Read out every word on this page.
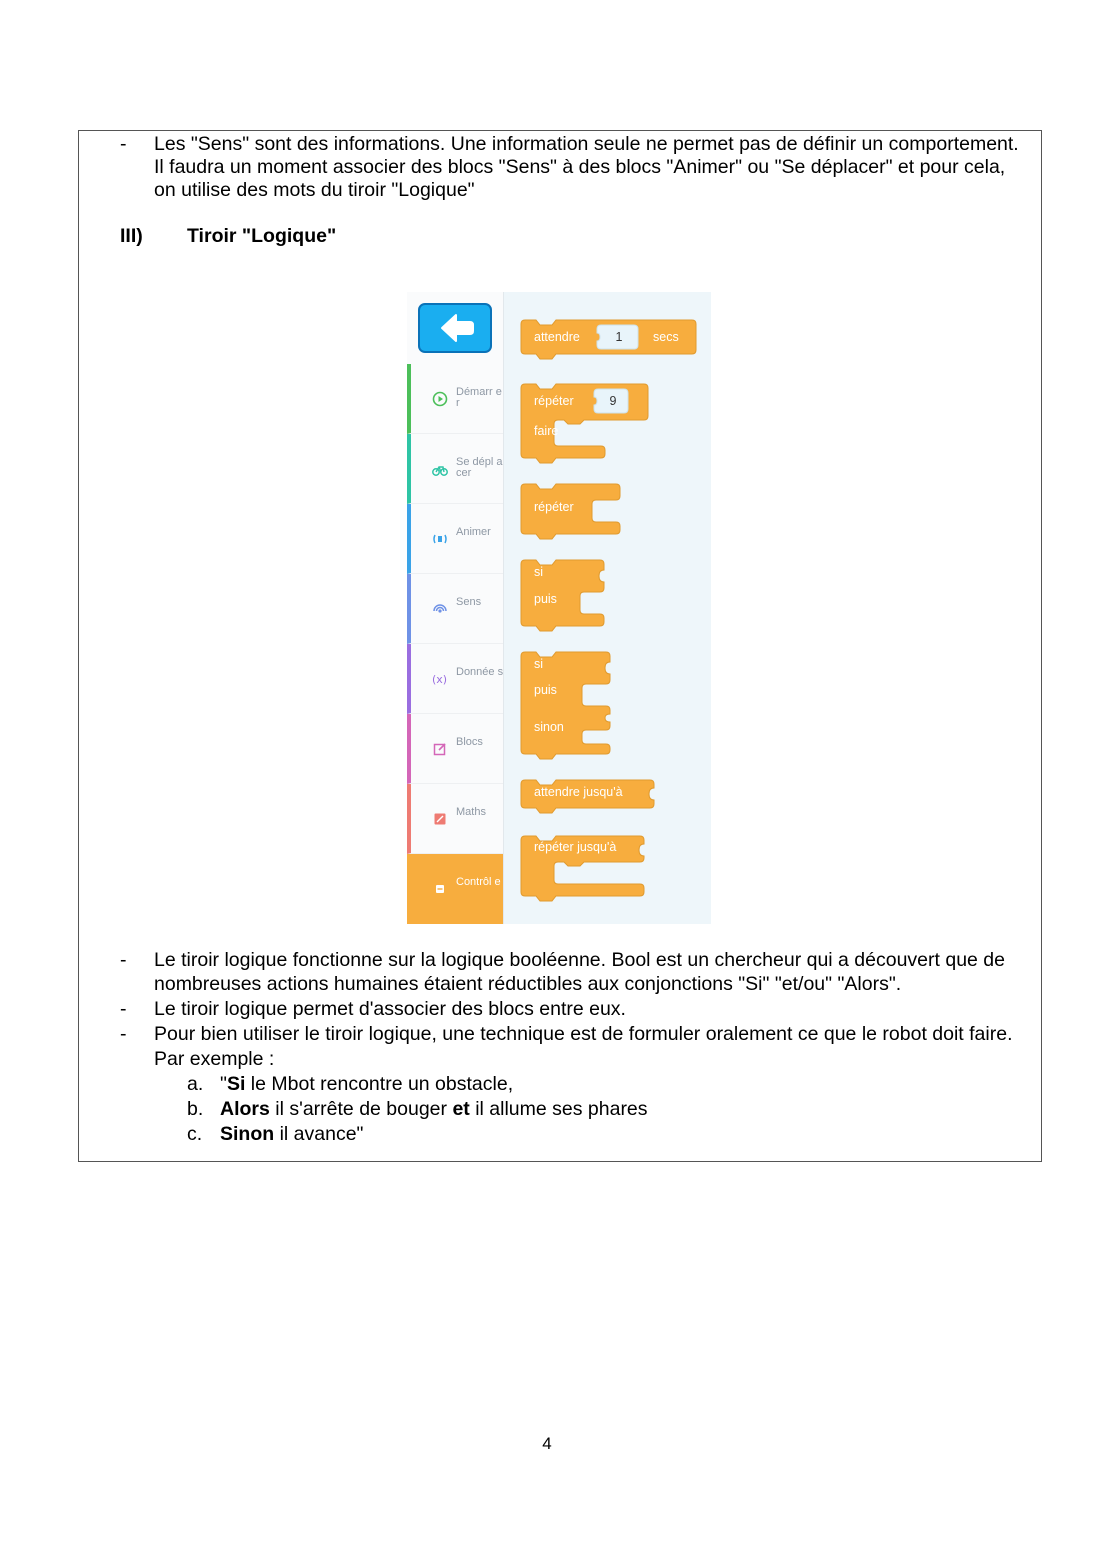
- Les "Sens" sont des informations. Une information seule ne permet pas de définir un comportement.
Il faudra un moment associer des blocs "Sens" à des blocs "Animer" ou "Se déplacer" et pour cela,
on utilise des mots du tiroir "Logique"
III) Tiroir "Logique"
Démarr er
Se dépl acer
Animer
Sens
(x)
Donnée s
Blocs
Maths
Contrôl e
attendre	1	secs
répéter	9
faire
répéter
si
puis
si
puis
sinon
attendre jusqu'à
répéter jusqu'à
- Le tiroir logique fonctionne sur la logique booléenne. Bool est un chercheur qui a découvert que de
nombreuses actions humaines étaient réductibles aux conjonctions "Si" "et/ou" "Alors".
- Le tiroir logique permet d'associer des blocs entre eux.
- Pour bien utiliser le tiroir logique, une technique est de formuler oralement ce que le robot doit faire.
Par exemple :
a. "Si le Mbot rencontre un obstacle,
b. Alors il s'arrête de bouger et il allume ses phares
c. Sinon il avance"
4
